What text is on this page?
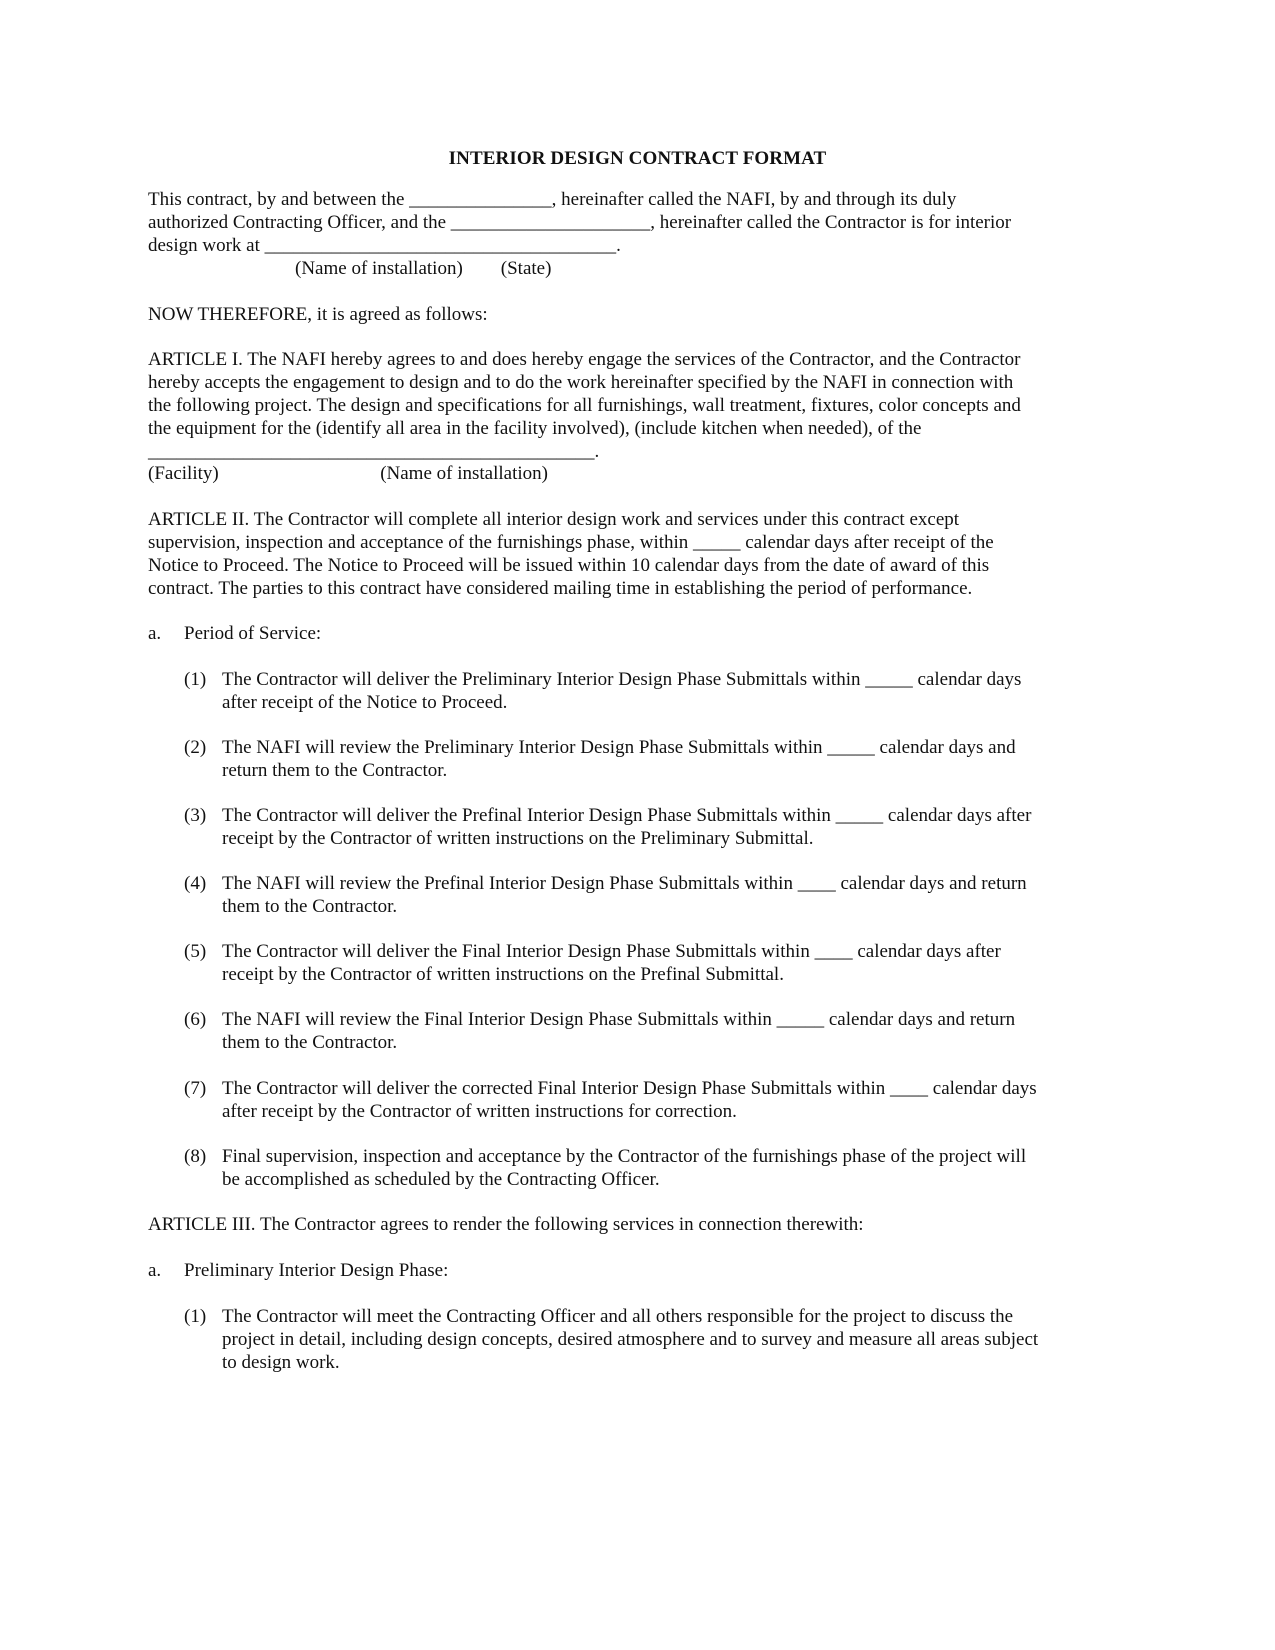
INTERIOR DESIGN CONTRACT FORMAT
This contract, by and between the _______________, hereinafter called the NAFI, by and through its duly
authorized Contracting Officer, and the _____________________, hereinafter called the Contractor is for interior
design work at _____________________________________.
(Name of installation)        (State)
NOW THEREFORE, it is agreed as follows:
ARTICLE I. The NAFI hereby agrees to and does hereby engage the services of the Contractor, and the Contractor
hereby accepts the engagement to design and to do the work hereinafter specified by the NAFI in connection with
the following project. The design and specifications for all furnishings, wall treatment, fixtures, color concepts and
the equipment for the (identify all area in the facility involved), (include kitchen when needed), of the
_______________________________________________.
(Facility)                                  (Name of installation)
ARTICLE II. The Contractor will complete all interior design work and services under this contract except
supervision, inspection and acceptance of the furnishings phase, within _____ calendar days after receipt of the
Notice to Proceed. The Notice to Proceed will be issued within 10 calendar days from the date of award of this
contract. The parties to this contract have considered mailing time in establishing the period of performance.
a. Period of Service:
(1) The Contractor will deliver the Preliminary Interior Design Phase Submittals within _____ calendar days
after receipt of the Notice to Proceed.
(2) The NAFI will review the Preliminary Interior Design Phase Submittals within _____ calendar days and
return them to the Contractor.
(3) The Contractor will deliver the Prefinal Interior Design Phase Submittals within _____ calendar days after
receipt by the Contractor of written instructions on the Preliminary Submittal.
(4) The NAFI will review the Prefinal Interior Design Phase Submittals within ____ calendar days and return
them to the Contractor.
(5) The Contractor will deliver the Final Interior Design Phase Submittals within ____ calendar days after
receipt by the Contractor of written instructions on the Prefinal Submittal.
(6) The NAFI will review the Final Interior Design Phase Submittals within _____ calendar days and return
them to the Contractor.
(7) The Contractor will deliver the corrected Final Interior Design Phase Submittals within ____ calendar days
after receipt by the Contractor of written instructions for correction.
(8) Final supervision, inspection and acceptance by the Contractor of the furnishings phase of the project will
be accomplished as scheduled by the Contracting Officer.
ARTICLE III. The Contractor agrees to render the following services in connection therewith:
a. Preliminary Interior Design Phase:
(1) The Contractor will meet the Contracting Officer and all others responsible for the project to discuss the
project in detail, including design concepts, desired atmosphere and to survey and measure all areas subject
to design work.
